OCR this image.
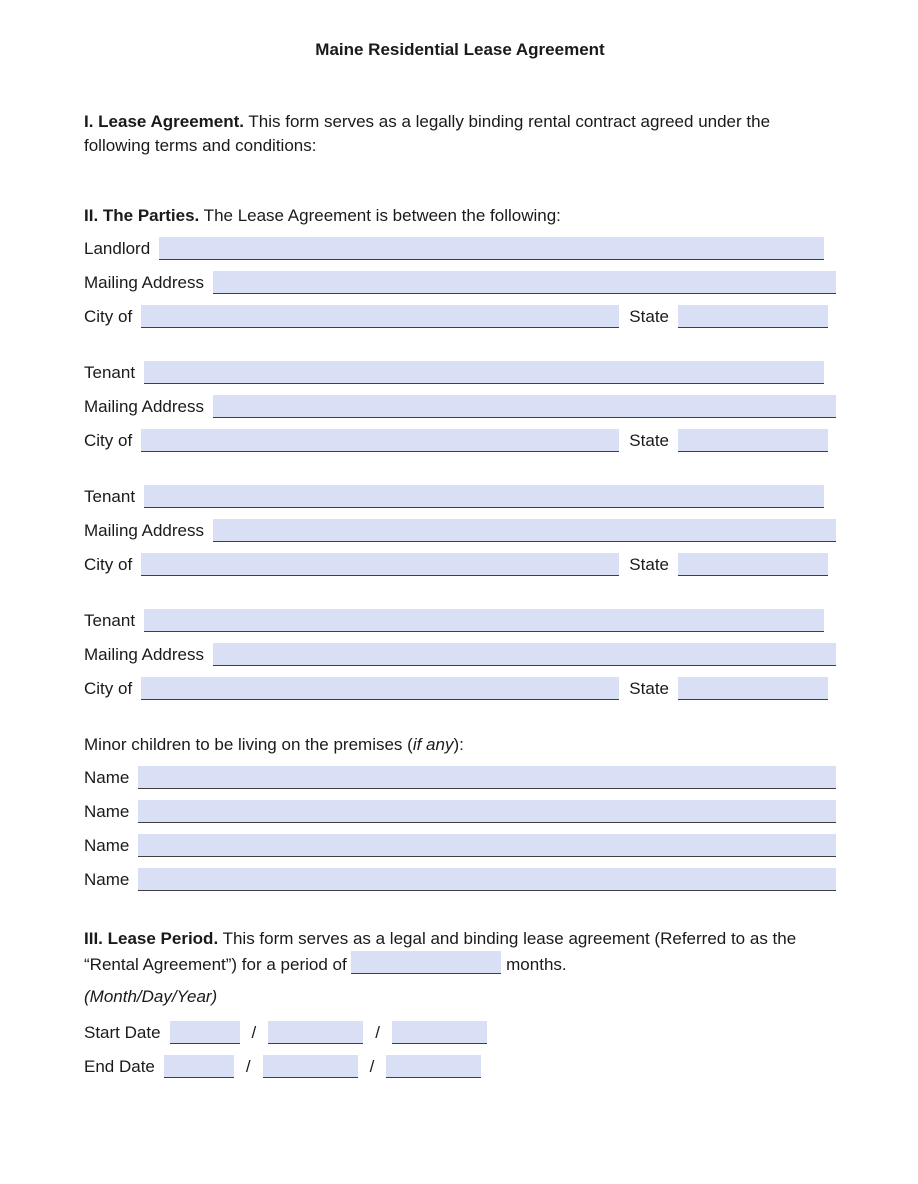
Maine Residential Lease Agreement

I. Lease Agreement. This form serves as a legally binding rental contract agreed under the following terms and conditions:

II. The Parties. The Lease Agreement is between the following:

Landlord
Mailing Address
City of	State
Tenant
Mailing Address
City of	State
Tenant
Mailing Address
City of	State
Tenant
Mailing Address
City of	State

Minor children to be living on the premises (if any):

Name
Name
Name
Name

III. Lease Period. This form serves as a legal and binding lease agreement (Referred to as the “Rental Agreement”) for a period of	months.

(Month/Day/Year)

Start Date	/	/
End Date	/	/
